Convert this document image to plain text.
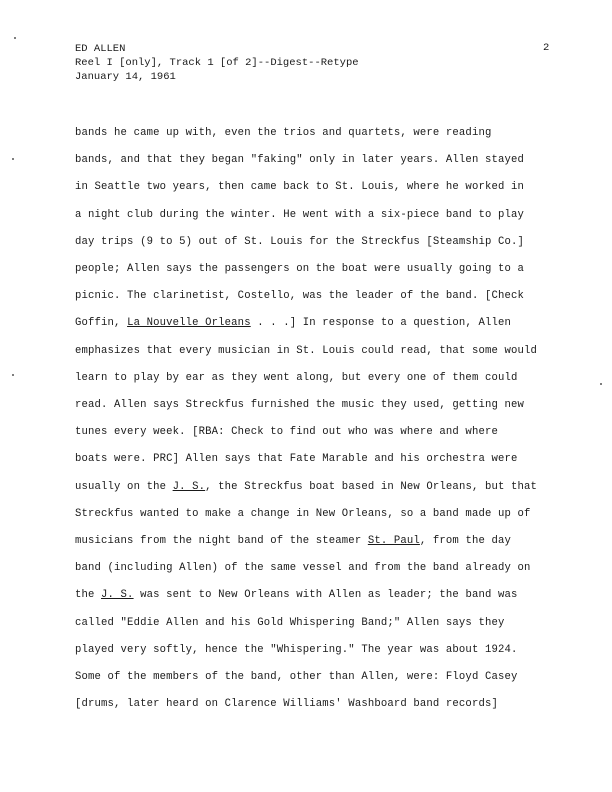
ED ALLEN
Reel I [only], Track 1 [of 2]--Digest--Retype
January 14, 1961
2
bands he came up with, even the trios and quartets, were reading
bands, and that they began "faking" only in later years. Allen stayed
in Seattle two years, then came back to St. Louis, where he worked in
a night club during the winter. He went with a six-piece band to play
day trips (9 to 5) out of St. Louis for the Streckfus [Steamship Co.]
people; Allen says the passengers on the boat were usually going to a
picnic. The clarinetist, Costello, was the leader of the band. [Check
Goffin, La Nouvelle Orleans . . .] In response to a question, Allen
emphasizes that every musician in St. Louis could read, that some would
learn to play by ear as they went along, but every one of them could
read. Allen says Streckfus furnished the music they used, getting new
tunes every week. [RBA: Check to find out who was where and where
boats were. PRC] Allen says that Fate Marable and his orchestra were
usually on the J. S., the Streckfus boat based in New Orleans, but that
Streckfus wanted to make a change in New Orleans, so a band made up of
musicians from the night band of the steamer St. Paul, from the day
band (including Allen) of the same vessel and from the band already on
the J. S. was sent to New Orleans with Allen as leader; the band was
called "Eddie Allen and his Gold Whispering Band;" Allen says they
played very softly, hence the "Whispering." The year was about 1924.
Some of the members of the band, other than Allen, were: Floyd Casey
[drums, later heard on Clarence Williams' Washboard band records]
